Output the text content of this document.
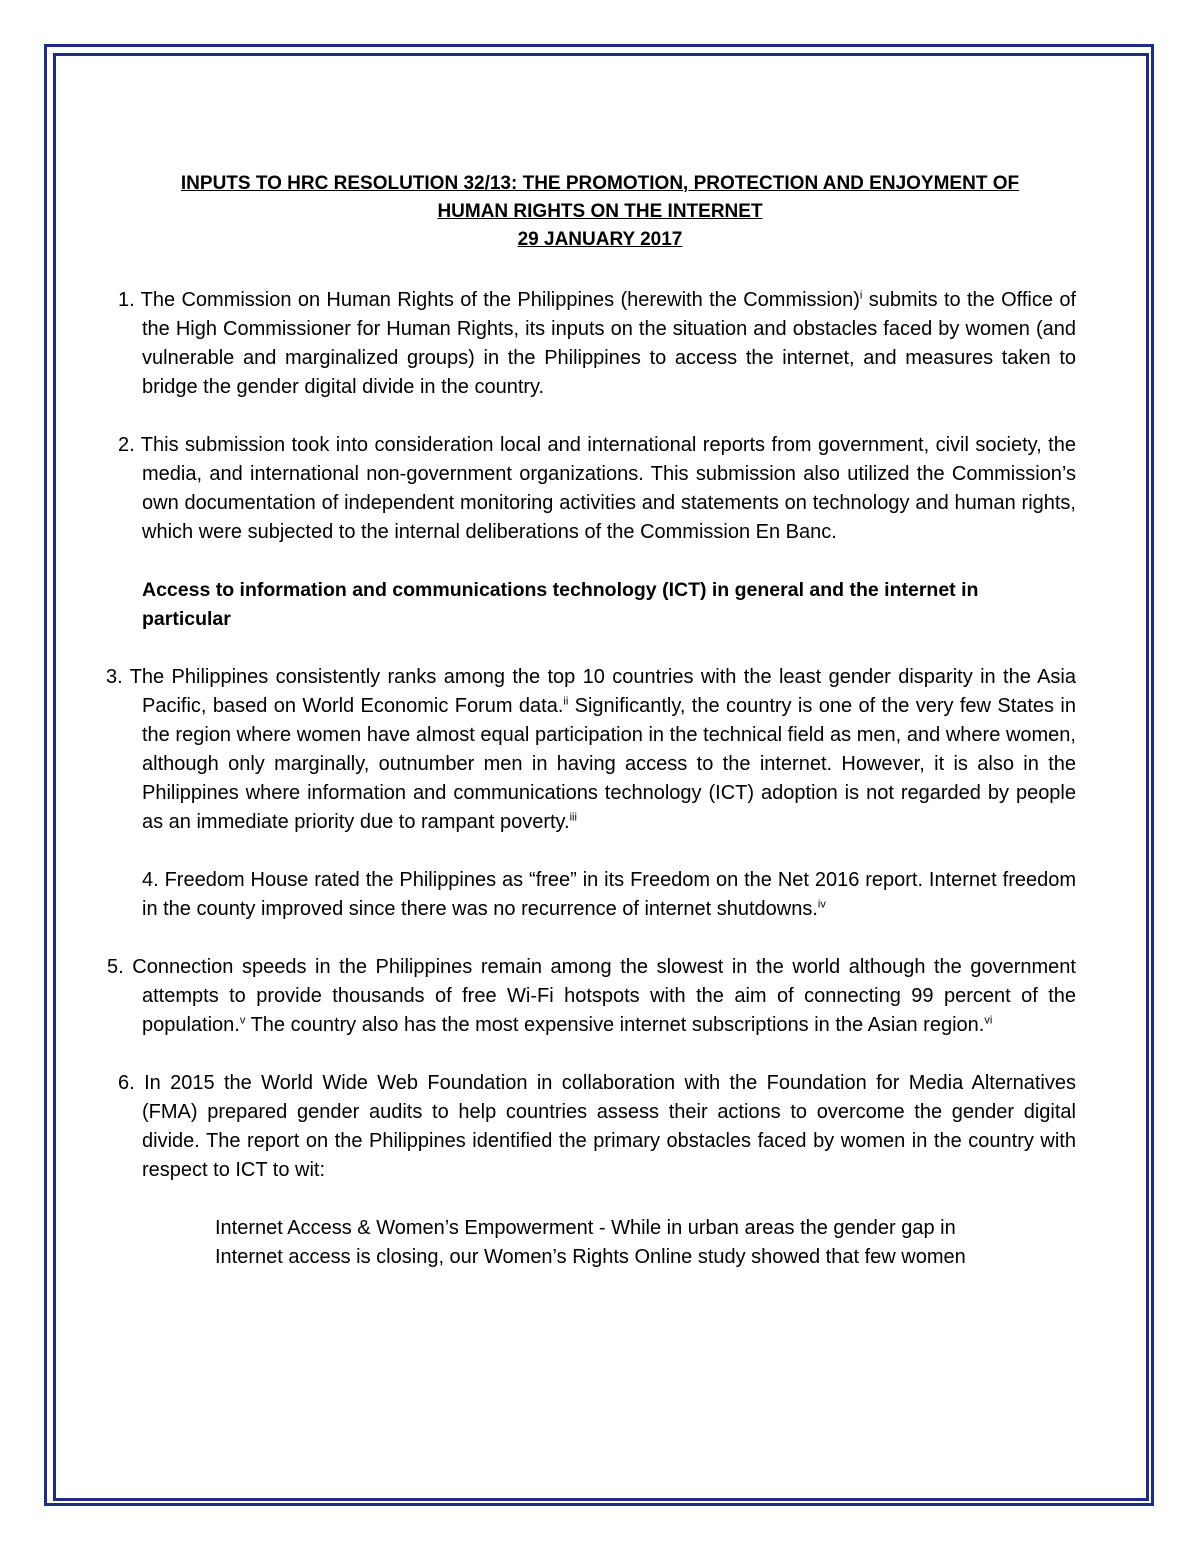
INPUTS TO HRC RESOLUTION 32/13: THE PROMOTION, PROTECTION AND ENJOYMENT OF
HUMAN RIGHTS ON THE INTERNET
29 JANUARY 2017

1. The Commission on Human Rights of the Philippines (herewith the Commission)$^i$ submits to the Office of the High Commissioner for Human Rights, its inputs on the situation and obstacles faced by women (and vulnerable and marginalized groups) in the Philippines to access the internet, and measures taken to bridge the gender digital divide in the country.

2. This submission took into consideration local and international reports from government, civil society, the media, and international non-government organizations. This submission also utilized the Commission’s own documentation of independent monitoring activities and statements on technology and human rights, which were subjected to the internal deliberations of the Commission En Banc.

Access to information and communications technology (ICT) in general and the internet in particular

3. The Philippines consistently ranks among the top 10 countries with the least gender disparity in the Asia Pacific, based on World Economic Forum data.$^{ii}$ Significantly, the country is one of the very few States in the region where women have almost equal participation in the technical field as men, and where women, although only marginally, outnumber men in having access to the internet. However, it is also in the Philippines where information and communications technology (ICT) adoption is not regarded by people as an immediate priority due to rampant poverty.$^{iii}$

4. Freedom House rated the Philippines as “free” in its Freedom on the Net 2016 report. Internet freedom in the county improved since there was no recurrence of internet shutdowns.$^{iv}$

5. Connection speeds in the Philippines remain among the slowest in the world although the government attempts to provide thousands of free Wi-Fi hotspots with the aim of connecting 99 percent of the population.$^v$ The country also has the most expensive internet subscriptions in the Asian region.$^{vi}$

6. In 2015 the World Wide Web Foundation in collaboration with the Foundation for Media Alternatives (FMA) prepared gender audits to help countries assess their actions to overcome the gender digital divide. The report on the Philippines identified the primary obstacles faced by women in the country with respect to ICT to wit:

Internet Access & Women’s Empowerment - While in urban areas the gender gap in Internet access is closing, our Women’s Rights Online study showed that few women
